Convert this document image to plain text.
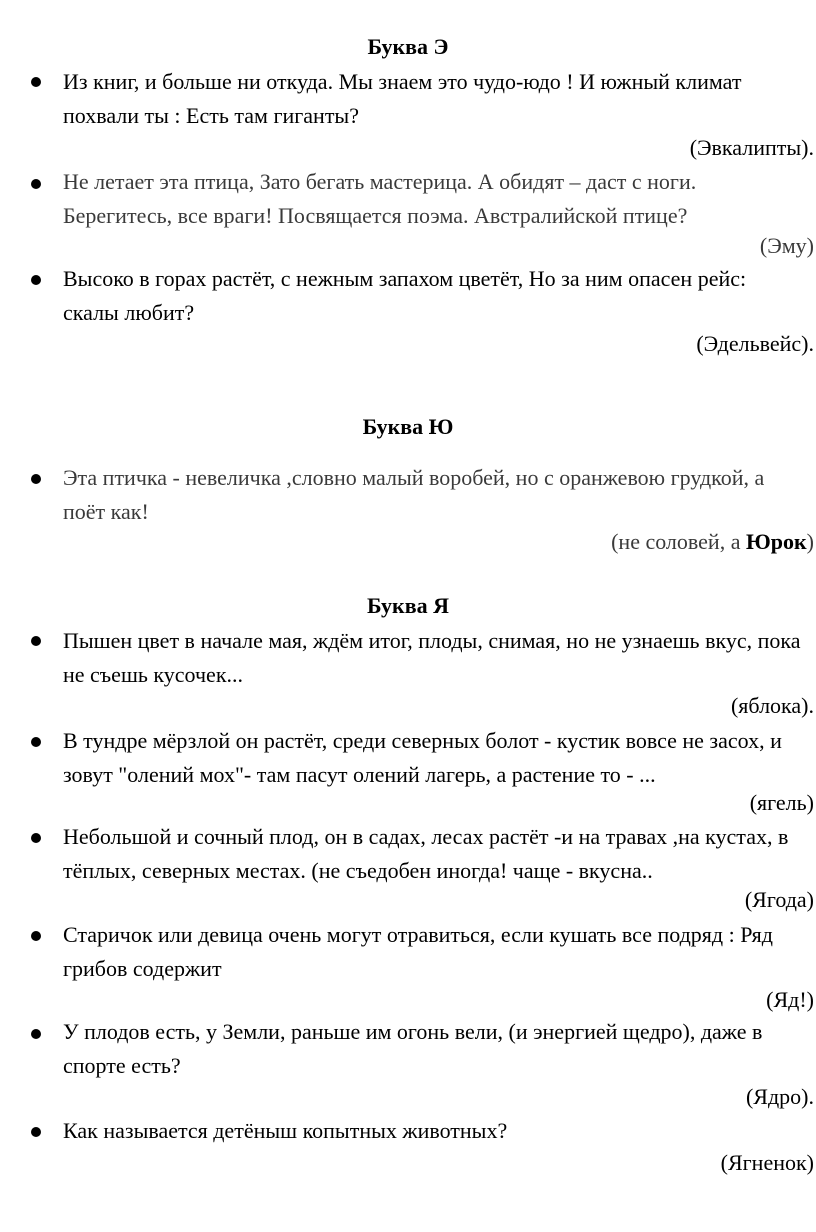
Буква Э
Из книг, и больше ни откуда. Мы знаем это чудо-юдо ! И южный климат похвали ты : Есть там гиганты?
(Эвкалипты).
Не летает эта птица, Зато бегать мастерица. А обидят – даст с ноги. Берегитесь, все враги! Посвящается поэма. Австралийской птице?
(Эму)
Высоко в горах растёт, с нежным запахом цветёт, Но за ним опасен рейс: скалы любит?
(Эдельвейс).
Буква Ю
Эта птичка - невеличка ,словно малый воробей, но с оранжевою грудкой, а поёт как!
(не соловей, а Юрок)
Буква Я
Пышен цвет в начале мая, ждём итог, плоды, снимая, но не узнаешь вкус, пока не съешь кусочек...
(яблока).
В тундре мёрзлой он растёт, среди северных болот - кустик вовсе не засох, и зовут "олений мох"- там пасут олений лагерь, а растение то - ...
(ягель)
Небольшой и сочный плод, он в садах, лесах растёт -и на травах ,на кустах, в тёплых, северных местах. (не съедобен иногда! чаще - вкусна..
(Ягода)
Старичок или девица очень могут отравиться, если кушать все подряд : Ряд грибов содержит
(Яд!)
У плодов есть, у Земли, раньше им огонь вели, (и энергией щедро), даже в спорте есть?
(Ядро).
Как называется детёныш копытных животных?
(Ягненок)
